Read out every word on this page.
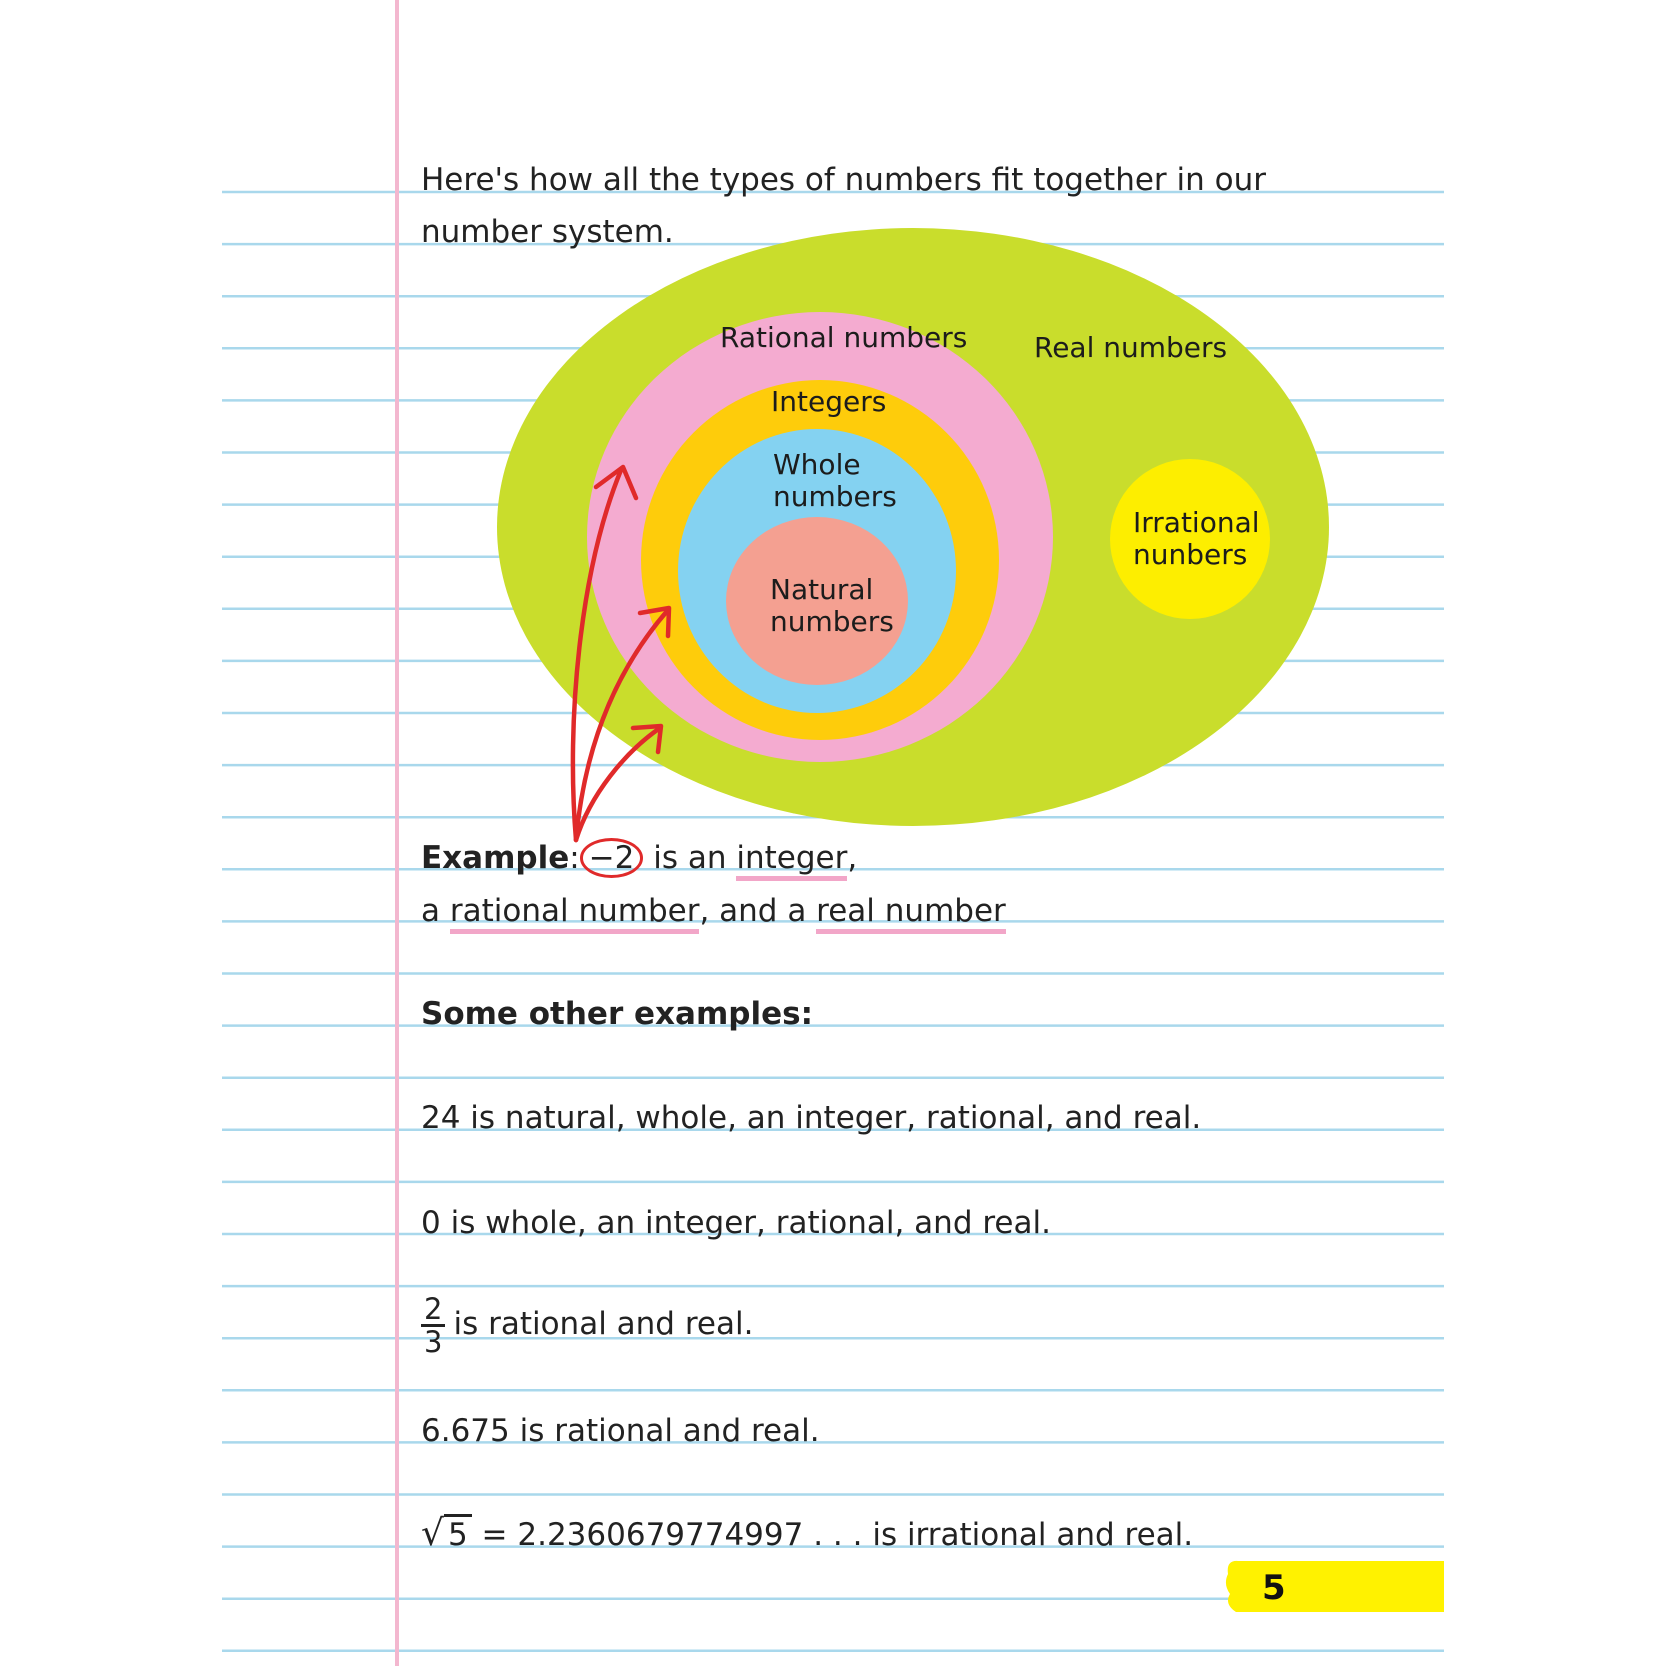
Real numbers
Rational numbers
Integers
Whole
numbers
Natural
numbers
Irrational
nunbers
Here's how all the types of numbers fit together in our
number system.
Example: −2 is an integer,
a rational number, and a real number
Some other examples:
24 is natural, whole, an integer, rational, and real.
0 is whole, an integer, rational, and real.
$\frac{2}{3}$ is rational and real.
6.675 is rational and real.
√ 5 = 2.2360679774997 . . . is irrational and real.
5
